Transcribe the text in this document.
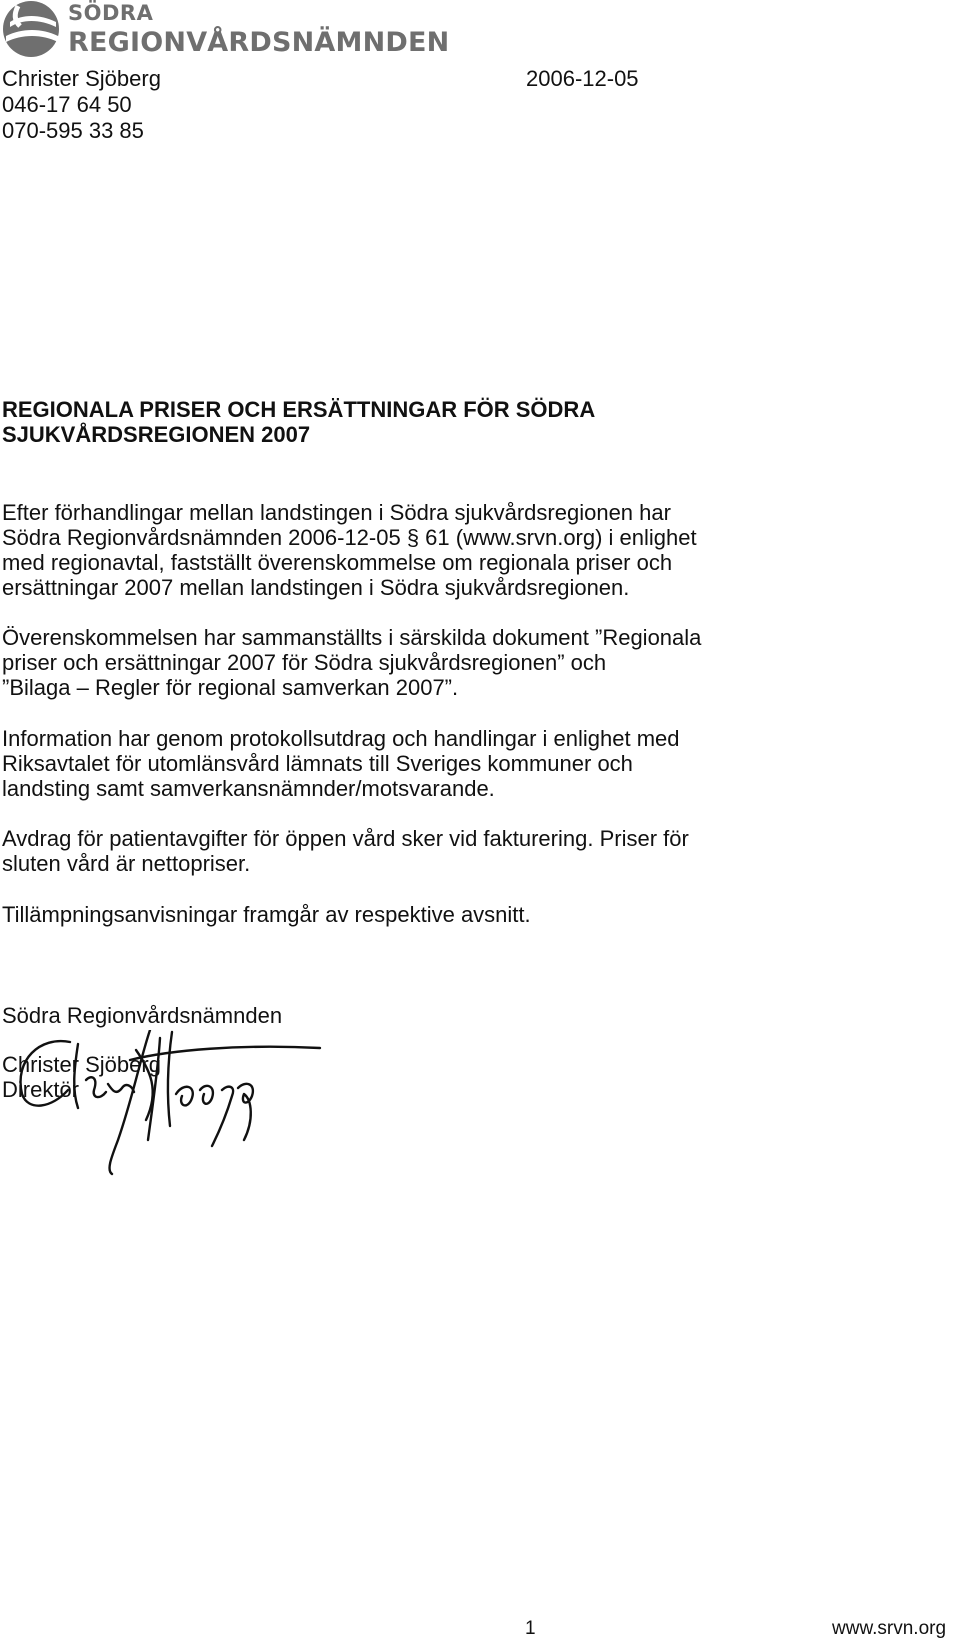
SÖDRA
REGIONVÅRDSNÄMNDEN
Christer Sjöberg	2006-12-05
046-17 64 50
070-595 33 85
REGIONALA PRISER OCH ERSÄTTNINGAR FÖR SÖDRA
SJUKVÅRDSREGIONEN 2007
Efter förhandlingar mellan landstingen i Södra sjukvårdsregionen har
Södra Regionvårdsnämnden 2006-12-05 § 61 (www.srvn.org) i enlighet
med regionavtal, fastställt överenskommelse om regionala priser och
ersättningar 2007 mellan landstingen i Södra sjukvårdsregionen.
Överenskommelsen har sammanställts i särskilda dokument ”Regionala
priser och ersättningar 2007 för Södra sjukvårdsregionen” och
”Bilaga – Regler för regional samverkan 2007”.
Information har genom protokollsutdrag och handlingar i enlighet med
Riksavtalet för utomlänsvård lämnats till Sveriges kommuner och
landsting samt samverkansnämnder/motsvarande.
Avdrag för patientavgifter för öppen vård sker vid fakturering. Priser för
sluten vård är nettopriser.
Tillämpningsanvisningar framgår av respektive avsnitt.
Södra Regionvårdsnämnden
Christer Sjöberg
Direktör
1	www.srvn.org
